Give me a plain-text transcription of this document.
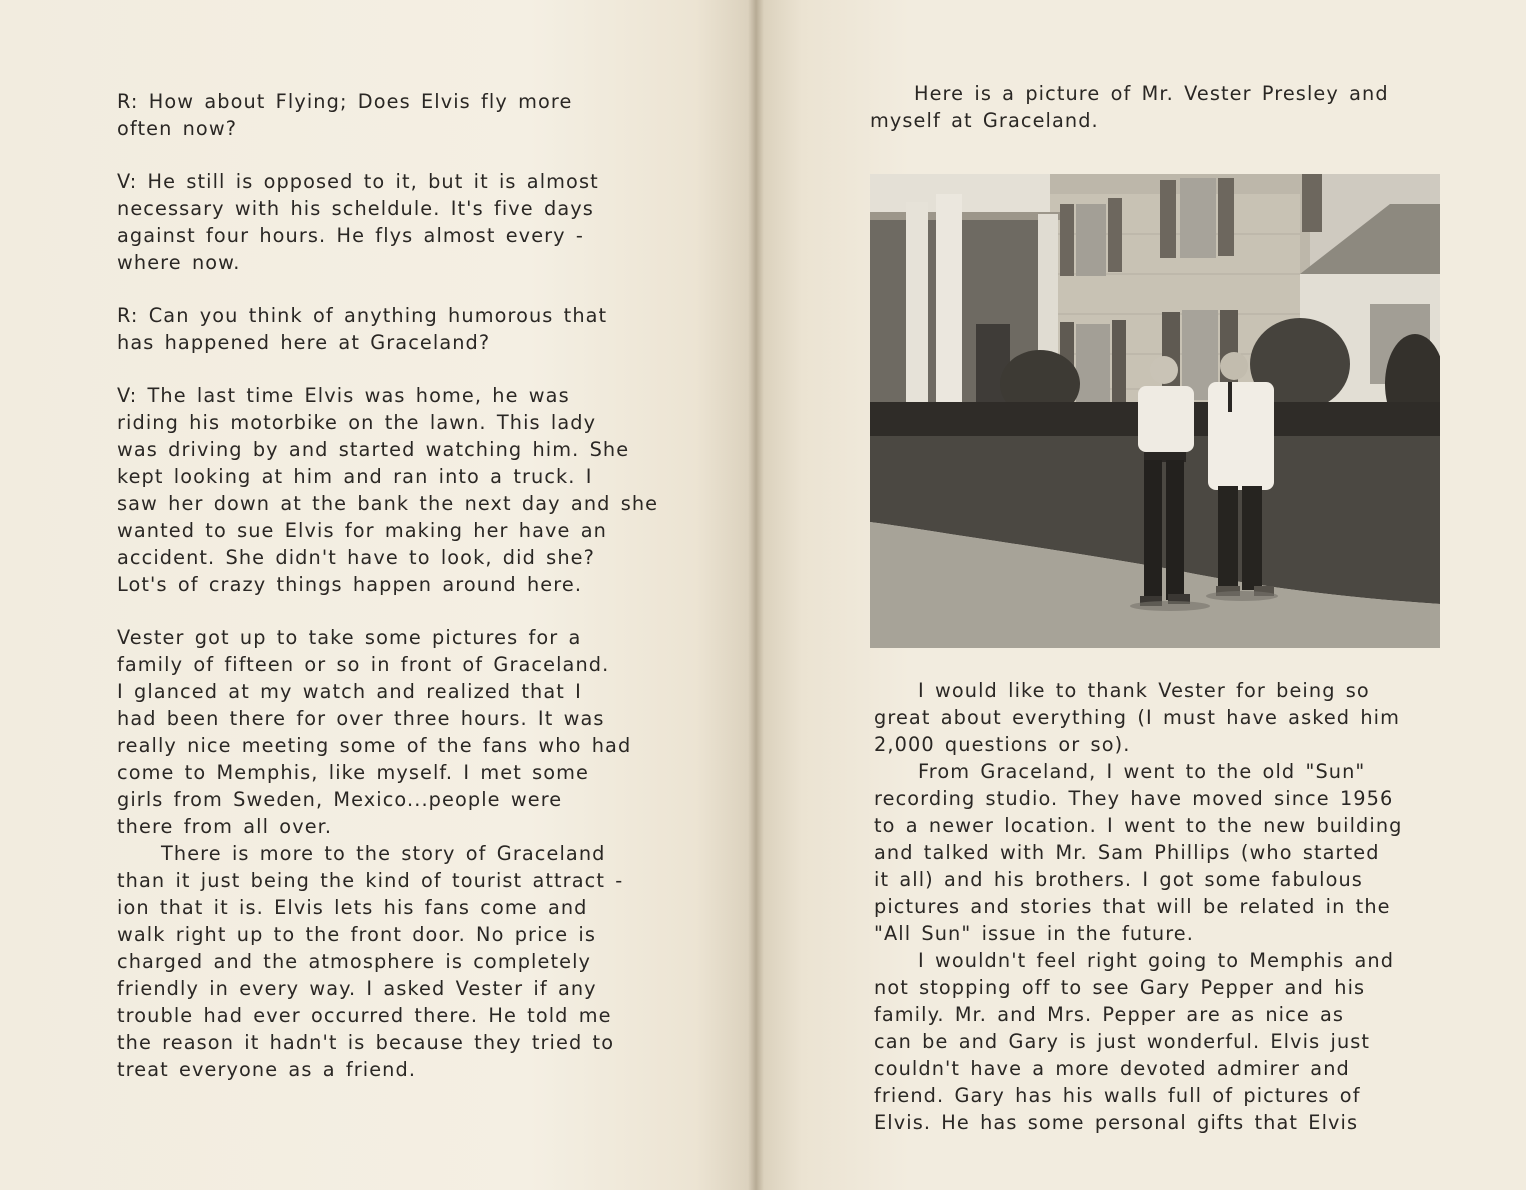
R: How about Flying; Does Elvis fly more
often now?

V: He still is opposed to it, but it is almost
necessary with his scheldule. It's five days
against four hours. He flys almost every -
where now.

R: Can you think of anything humorous that
has happened here at Graceland?

V: The last time Elvis was home, he was
riding his motorbike on the lawn. This lady
was driving by and started watching him. She
kept looking at him and ran into a truck. I
saw her down at the bank the next day and she
wanted to sue Elvis for making her have an
accident. She didn't have to look, did she?
Lot's of crazy things happen around here.

Vester got up to take some pictures for a
family of fifteen or so in front of Graceland.
I glanced at my watch and realized that I
had been there for over three hours. It was
really nice meeting some of the fans who had
come to Memphis, like myself. I met some
girls from Sweden, Mexico...people were
there from all over.

There is more to the story of Graceland
than it just being the kind of tourist attract -
ion that it is. Elvis lets his fans come and
walk right up to the front door. No price is
charged and the atmosphere is completely
friendly in every way. I asked Vester if any
trouble had ever occurred there. He told me
the reason it hadn't is because they tried to
treat everyone as a friend.

Here is a picture of Mr. Vester Presley and
myself at Graceland.

I would like to thank Vester for being so
great about everything (I must have asked him
2,000 questions or so).

From Graceland, I went to the old "Sun"
recording studio. They have moved since 1956
to a newer location. I went to the new building
and talked with Mr. Sam Phillips (who started
it all) and his brothers. I got some fabulous
pictures and stories that will be related in the
"All Sun" issue in the future.

I wouldn't feel right going to Memphis and
not stopping off to see Gary Pepper and his
family. Mr. and Mrs. Pepper are as nice as
can be and Gary is just wonderful. Elvis just
couldn't have a more devoted admirer and
friend. Gary has his walls full of pictures of
Elvis. He has some personal gifts that Elvis
